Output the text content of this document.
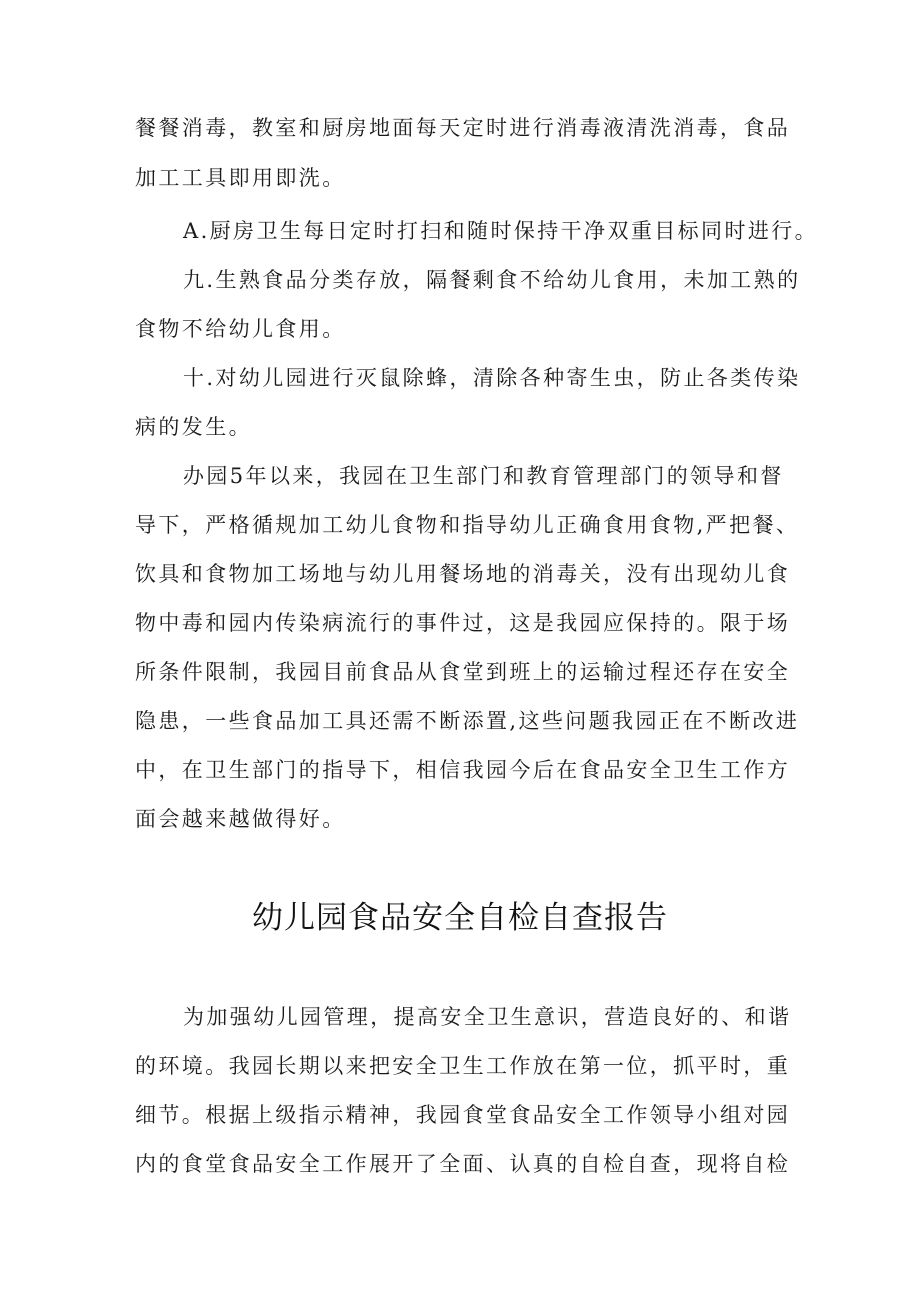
餐餐消毒，教室和厨房地面每天定时进行消毒液清洗消毒，食品
加工工具即用即洗。
A.厨房卫生每日定时打扫和随时保持干净双重目标同时进行。
九.生熟食品分类存放，隔餐剩食不给幼儿食用，未加工熟的
食物不给幼儿食用。
十.对幼儿园进行灭鼠除蜂，清除各种寄生虫，防止各类传染
病的发生。
办园5年以来，我园在卫生部门和教育管理部门的领导和督
导下，严格循规加工幼儿食物和指导幼儿正确食用食物,严把餐、
饮具和食物加工场地与幼儿用餐场地的消毒关，没有出现幼儿食
物中毒和园内传染病流行的事件过，这是我园应保持的。限于场
所条件限制，我园目前食品从食堂到班上的运输过程还存在安全
隐患，一些食品加工具还需不断添置,这些问题我园正在不断改进
中，在卫生部门的指导下，相信我园今后在食品安全卫生工作方
面会越来越做得好。
幼儿园食品安全自检自查报告
为加强幼儿园管理，提高安全卫生意识，营造良好的、和谐
的环境。我园长期以来把安全卫生工作放在第一位，抓平时，重
细节。根据上级指示精神，我园食堂食品安全工作领导小组对园
内的食堂食品安全工作展开了全面、认真的自检自查，现将自检
